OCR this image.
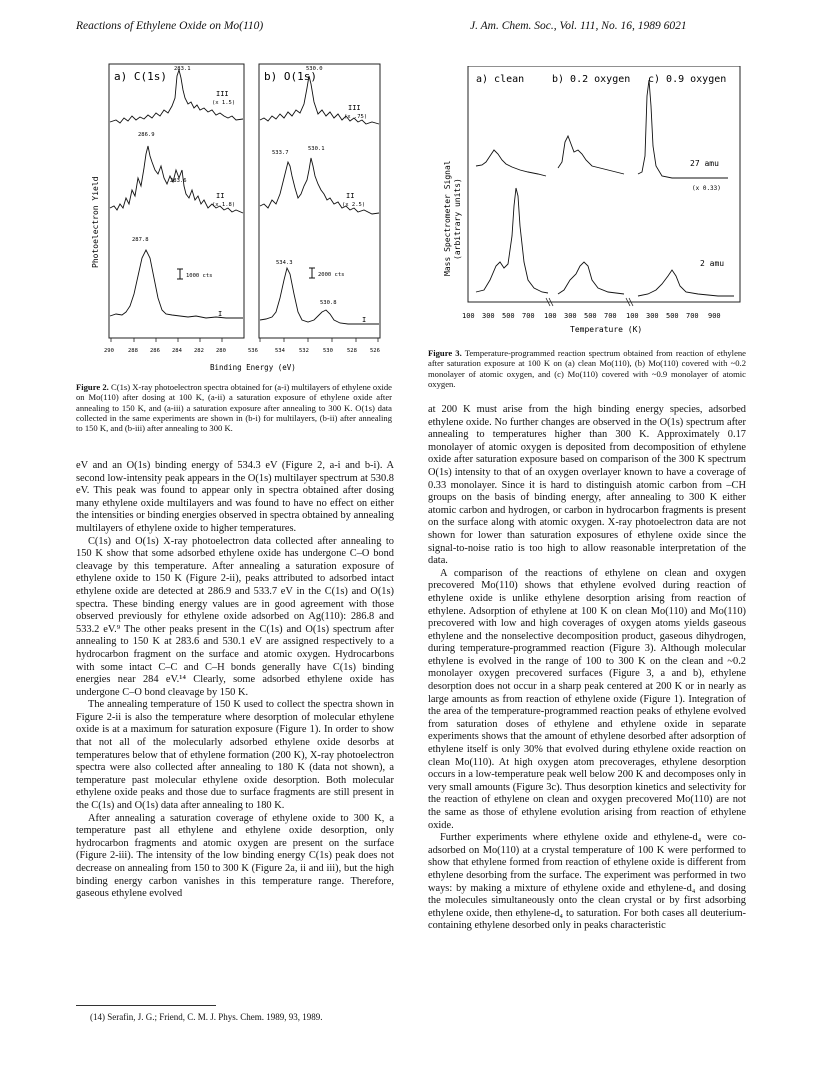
Reactions of Ethylene Oxide on Mo(110)	J. Am. Chem. Soc., Vol. 111, No. 16, 1989 6021
a) C(1s)	b) O(1s)
Photoelectron Yield
283.1
286.9
283.6
287.8
III
(x 1.5)
II
(x 1.8)
I
1000 cts
530.0
533.7
530.1
534.3
530.8
III
(x .75)
II
(x 2.5)
I
2000 cts
290	288 286 284 282 280	536	534	532	530	528 526
Binding Energy (eV)
Figure 2. C(1s) X-ray photoelectron spectra obtained for (a-i) multilayers of ethylene oxide on Mo(110) after dosing at 100 K, (a-ii) a saturation exposure of ethylene oxide after annealing to 150 K, and (a-iii) a saturation exposure after annealing to 300 K. O(1s) data collected in the same experiments are shown in (b-i) for multilayers, (b-ii) after annealing to 150 K, and (b-iii) after annealing to 300 K.
a) clean	b) 0.2 oxygen c) 0.9 oxygen
Mass Spectrometer Signal (arbitrary units)
27 amu
(x 0.33)
2 amu
100 300 500 700 100 300 500 700 100 300 500 700 900
Temperature (K)
Figure 3. Temperature-programmed reaction spectrum obtained from reaction of ethylene after saturation exposure at 100 K on (a) clean Mo(110), (b) Mo(110) covered with ~0.2 monolayer of atomic oxygen, and (c) Mo(110) covered with ~0.9 monolayer of atomic oxygen.

eV and an O(1s) binding energy of 534.3 eV (Figure 2, a-i and b-i). A second low-intensity peak appears in the O(1s) multilayer spectrum at 530.8 eV. This peak was found to appear only in spectra obtained after dosing many ethylene oxide multilayers and was found to have no effect on either the intensities or binding energies observed in spectra obtained by annealing multilayers of ethylene oxide to higher temperatures.

C(1s) and O(1s) X-ray photoelectron data collected after annealing to 150 K show that some adsorbed ethylene oxide has undergone C–O bond cleavage by this temperature. After annealing a saturation exposure of ethylene oxide to 150 K (Figure 2-ii), peaks attributed to adsorbed intact ethylene oxide are detected at 286.9 and 533.7 eV in the C(1s) and O(1s) spectra. These binding energy values are in good agreement with those observed previously for ethylene oxide adsorbed on Ag(110): 286.8 and 533.2 eV.⁹ The other peaks present in the C(1s) and O(1s) spectrum after annealing to 150 K at 283.6 and 530.1 eV are assigned respectively to a hydrocarbon fragment on the surface and atomic oxygen. Hydrocarbons with some intact C–C and C–H bonds generally have C(1s) binding energies near 284 eV.¹⁴ Clearly, some adsorbed ethylene oxide has undergone C–O bond cleavage by 150 K.

The annealing temperature of 150 K used to collect the spectra shown in Figure 2-ii is also the temperature where desorption of molecular ethylene oxide is at a maximum for saturation exposure (Figure 1). In order to show that not all of the molecularly adsorbed ethylene oxide desorbs at temperatures below that of ethylene formation (200 K), X-ray photoelectron spectra were also collected after annealing to 180 K (data not shown), a temperature past molecular ethylene oxide desorption. Both molecular ethylene oxide peaks and those due to surface fragments are still present in the C(1s) and O(1s) data after annealing to 180 K.

After annealing a saturation coverage of ethylene oxide to 300 K, a temperature past all ethylene and ethylene oxide desorption, only hydrocarbon fragments and atomic oxygen are present on the surface (Figure 2-iii). The intensity of the low binding energy C(1s) peak does not decrease on annealing from 150 to 300 K (Figure 2a, ii and iii), but the high binding energy carbon vanishes in this temperature range. Therefore, gaseous ethylene evolved

at 200 K must arise from the high binding energy species, adsorbed ethylene oxide. No further changes are observed in the O(1s) spectrum after annealing to temperatures higher than 300 K. Approximately 0.17 monolayer of atomic oxygen is deposited from decomposition of ethylene oxide after saturation exposure based on comparison of the 300 K spectrum O(1s) intensity to that of an oxygen overlayer known to have a coverage of 0.33 monolayer. Since it is hard to distinguish atomic carbon from –CH groups on the basis of binding energy, after annealing to 300 K either atomic carbon and hydrogen, or carbon in hydrocarbon fragments is present on the surface along with atomic oxygen. X-ray photoelectron data are not shown for lower than saturation exposures of ethylene oxide since the signal-to-noise ratio is too high to allow reasonable interpretation of the data.

A comparison of the reactions of ethylene on clean and oxygen precovered Mo(110) shows that ethylene evolved during reaction of ethylene oxide is unlike ethylene desorption arising from reaction of ethylene. Adsorption of ethylene at 100 K on clean Mo(110) and Mo(110) precovered with low and high coverages of oxygen atoms yields gaseous ethylene and the nonselective decomposition product, gaseous dihydrogen, during temperature-programmed reaction (Figure 3). Although molecular ethylene is evolved in the range of 100 to 300 K on the clean and ~0.2 monolayer oxygen precovered surfaces (Figure 3, a and b), ethylene desorption does not occur in a sharp peak centered at 200 K or in nearly as large amounts as from reaction of ethylene oxide (Figure 1). Integration of the area of the temperature-programmed reaction peaks of ethylene evolved from saturation doses of ethylene and ethylene oxide in separate experiments shows that the amount of ethylene desorbed after adsorption of ethylene itself is only 30% that evolved during ethylene oxide reaction on clean Mo(110). At high oxygen atom precoverages, ethylene desorption occurs in a low-temperature peak well below 200 K and decomposes only in very small amounts (Figure 3c). Thus desorption kinetics and selectivity for the reaction of ethylene on clean and oxygen precovered Mo(110) are not the same as those of ethylene evolution arising from reaction of ethylene oxide.

Further experiments where ethylene oxide and ethylene-d₄ were co-adsorbed on Mo(110) at a crystal temperature of 100 K were performed to show that ethylene formed from reaction of ethylene oxide is different from ethylene desorbing from the surface. The experiment was performed in two ways: by making a mixture of ethylene oxide and ethylene-d₄ and dosing the molecules simultaneously onto the clean crystal or by first adsorbing ethylene oxide, then ethylene-d₄ to saturation. For both cases all deuterium-containing ethylene desorbed only in peaks characteristic

(14) Serafin, J. G.; Friend, C. M. J. Phys. Chem. 1989, 93, 1989.
